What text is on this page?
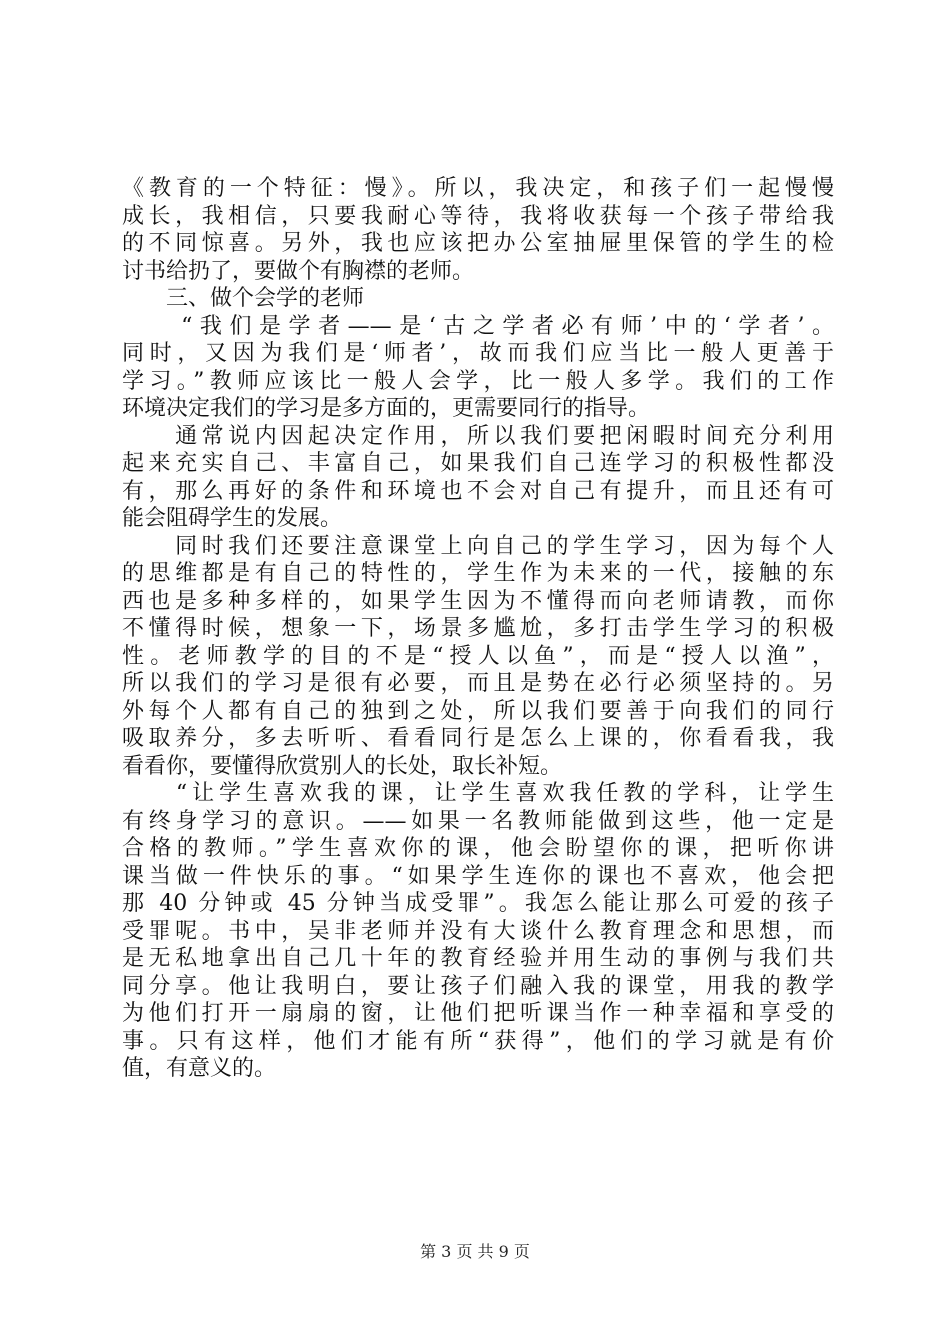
《教育的一个特征：慢》。所以，我决定，和孩子们一起慢慢
成长，我相信，只要我耐心等待，我将收获每一个孩子带给我
的不同惊喜。另外，我也应该把办公室抽屉里保管的学生的检
讨书给扔了，要做个有胸襟的老师。
　　三、做个会学的老师
　　“我们是学者——是‘古之学者必有师’中的‘学者’。
同时，又因为我们是‘师者’，故而我们应当比一般人更善于
学习。”教师应该比一般人会学，比一般人多学。我们的工作
环境决定我们的学习是多方面的，更需要同行的指导。
　　通常说内因起决定作用，所以我们要把闲暇时间充分利用
起来充实自己、丰富自己，如果我们自己连学习的积极性都没
有，那么再好的条件和环境也不会对自己有提升，而且还有可
能会阻碍学生的发展。
　　同时我们还要注意课堂上向自己的学生学习，因为每个人
的思维都是有自己的特性的，学生作为未来的一代，接触的东
西也是多种多样的，如果学生因为不懂得而向老师请教，而你
不懂得时候，想象一下，场景多尴尬，多打击学生学习的积极
性。老师教学的目的不是“授人以鱼”，而是“授人以渔”，
所以我们的学习是很有必要，而且是势在必行必须坚持的。另
外每个人都有自己的独到之处，所以我们要善于向我们的同行
吸取养分，多去听听、看看同行是怎么上课的，你看看我，我
看看你，要懂得欣赏别人的长处，取长补短。
　　“让学生喜欢我的课，让学生喜欢我任教的学科，让学生
有终身学习的意识。——如果一名教师能做到这些，他一定是
合格的教师。”学生喜欢你的课，他会盼望你的课，把听你讲
课当做一件快乐的事。“如果学生连你的课也不喜欢，他会把
那 40 分钟或 45 分钟当成受罪”。我怎么能让那么可爱的孩子
受罪呢。书中，吴非老师并没有大谈什么教育理念和思想，而
是无私地拿出自己几十年的教育经验并用生动的事例与我们共
同分享。他让我明白，要让孩子们融入我的课堂，用我的教学
为他们打开一扇扇的窗，让他们把听课当作一种幸福和享受的
事。只有这样，他们才能有所“获得”，他们的学习就是有价
值，有意义的。
第 3 页 共 9 页
